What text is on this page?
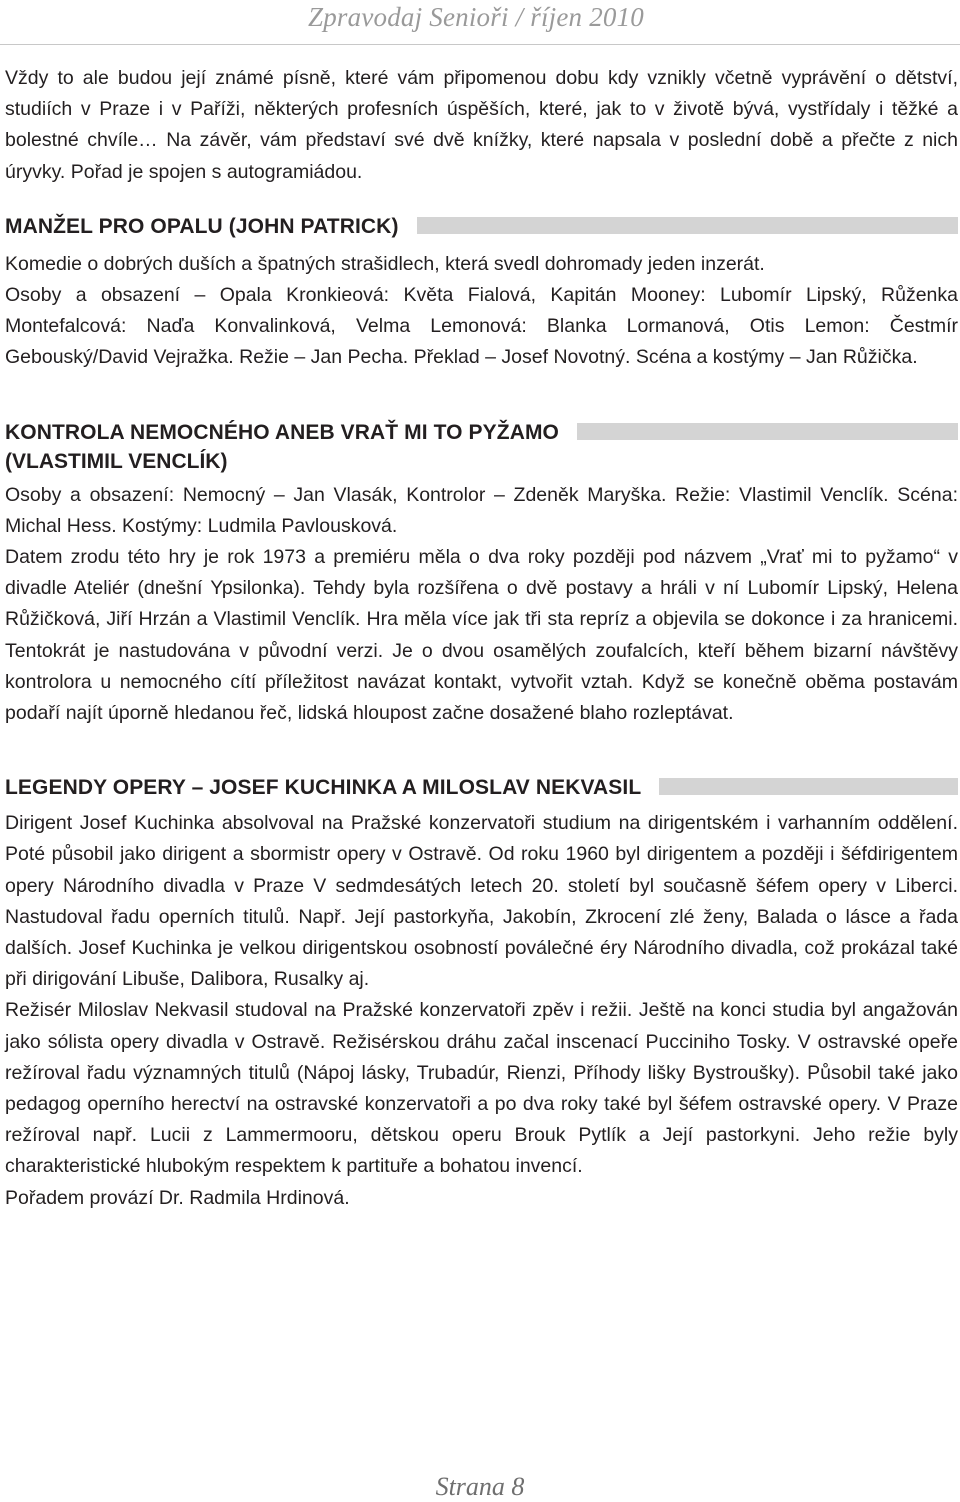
Zpravodaj Senioři / říjen 2010

Vždy to ale budou její známé písně, které vám připomenou dobu kdy vznikly včetně vyprávění o dětství, studiích v Praze i v Paříži, některých profesních úspěších, které, jak to v životě bývá, vystřídaly i těžké a bolestné chvíle… Na závěr, vám představí své dvě knížky, které napsala v poslední době a přečte z nich úryvky. Pořad je spojen s autogramiádou.

MANŽEL PRO OPALU (JOHN PATRICK)

Komedie o dobrých duších a špatných strašidlech, která svedl dohromady jeden inzerát.

Osoby a obsazení – Opala Kronkieová: Květa Fialová, Kapitán Mooney: Lubomír Lipský, Růženka Montefalcová: Naďa Konvalinková, Velma Lemonová: Blanka Lormanová, Otis Lemon: Čestmír Gebouský/David Vejražka. Režie – Jan Pecha. Překlad – Josef Novotný. Scéna a kostýmy – Jan Růžička.

KONTROLA NEMOCNÉHO ANEB VRAŤ MI TO PYŽAMO
(VLASTIMIL VENCLÍK)

Osoby a obsazení: Nemocný – Jan Vlasák, Kontrolor – Zdeněk Maryška. Režie: Vlastimil Venclík. Scéna: Michal Hess. Kostýmy: Ludmila Pavlousková.

Datem zrodu této hry je rok 1973 a premiéru měla o dva roky později pod názvem „Vrať mi to pyžamo“ v divadle Ateliér (dnešní Ypsilonka). Tehdy byla rozšířena o dvě postavy a hráli v ní Lubomír Lipský, Helena Růžičková, Jiří Hrzán a Vlastimil Venclík. Hra měla více jak tři sta repríz a objevila se dokonce i za hranicemi. Tentokrát je nastudována v původní verzi. Je o dvou osamělých zoufalcích, kteří během bizarní návštěvy kontrolora u nemocného cítí příležitost navázat kontakt, vytvořit vztah. Když se konečně oběma postavám podaří najít úporně hledanou řeč, lidská hloupost začne dosažené blaho rozleptávat.

LEGENDY OPERY – JOSEF KUCHINKA A MILOSLAV NEKVASIL

Dirigent Josef Kuchinka absolvoval na Pražské konzervatoři studium na dirigentském i varhanním oddělení. Poté působil jako dirigent a sbormistr opery v Ostravě. Od roku 1960 byl dirigentem a později i šéfdirigentem opery Národního divadla v Praze V sedmdesátých letech 20. století byl současně šéfem opery v Liberci. Nastudoval řadu operních titulů. Např. Její pastorkyňa, Jakobín, Zkrocení zlé ženy, Balada o lásce a řada dalších. Josef Kuchinka je velkou dirigentskou osobností poválečné éry Národního divadla, což prokázal také při dirigování Libuše, Dalibora, Rusalky aj.

Režisér Miloslav Nekvasil studoval na Pražské konzervatoři zpěv i režii. Ještě na konci studia byl angažován jako sólista opery divadla v Ostravě. Režisérskou dráhu začal inscenací Pucciniho Tosky. V ostravské opeře režíroval řadu významných titulů (Nápoj lásky, Trubadúr, Rienzi, Příhody lišky Bystroušky). Působil také jako pedagog operního herectví na ostravské konzervatoři a po dva roky také byl šéfem ostravské opery. V Praze režíroval např. Lucii z Lammermooru, dětskou operu Brouk Pytlík a Její pastorkyni. Jeho režie byly charakteristické hlubokým respektem k partituře a bohatou invencí.

Pořadem provází Dr. Radmila Hrdinová.

Strana 8
